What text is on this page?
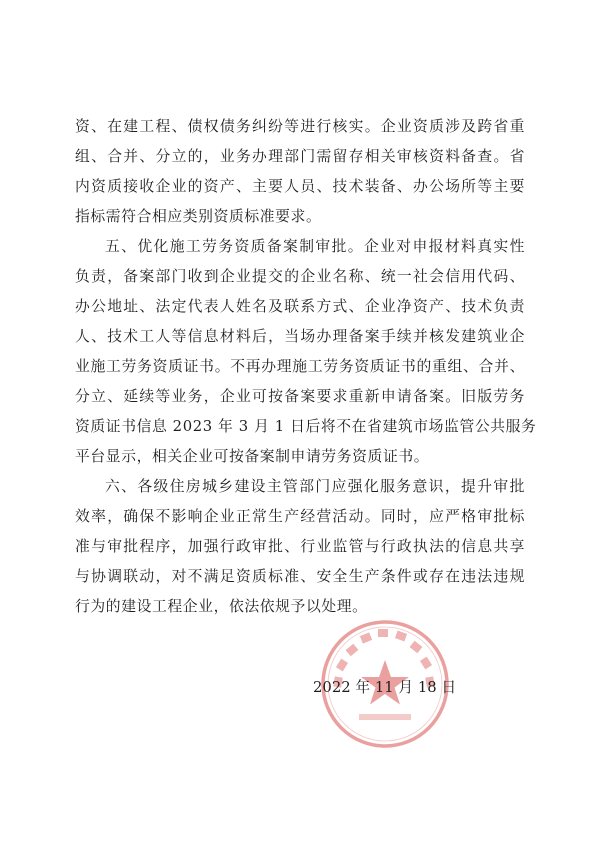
资、在建工程、债权债务纠纷等进行核实。企业资质涉及跨省重
组、合并、分立的，业务办理部门需留存相关审核资料备查。省
内资质接收企业的资产、主要人员、技术装备、办公场所等主要
指标需符合相应类别资质标准要求。
五、优化施工劳务资质备案制审批。企业对申报材料真实性
负责，备案部门收到企业提交的企业名称、统一社会信用代码、
办公地址、法定代表人姓名及联系方式、企业净资产、技术负责
人、技术工人等信息材料后，当场办理备案手续并核发建筑业企
业施工劳务资质证书。不再办理施工劳务资质证书的重组、合并、
分立、延续等业务，企业可按备案要求重新申请备案。旧版劳务
资质证书信息 2023 年 3 月 1 日后将不在省建筑市场监管公共服务
平台显示，相关企业可按备案制申请劳务资质证书。
六、各级住房城乡建设主管部门应强化服务意识，提升审批
效率，确保不影响企业正常生产经营活动。同时，应严格审批标
准与审批程序，加强行政审批、行业监管与行政执法的信息共享
与协调联动，对不满足资质标准、安全生产条件或存在违法违规
行为的建设工程企业，依法依规予以处理。
2022 年 11 月 18 日
